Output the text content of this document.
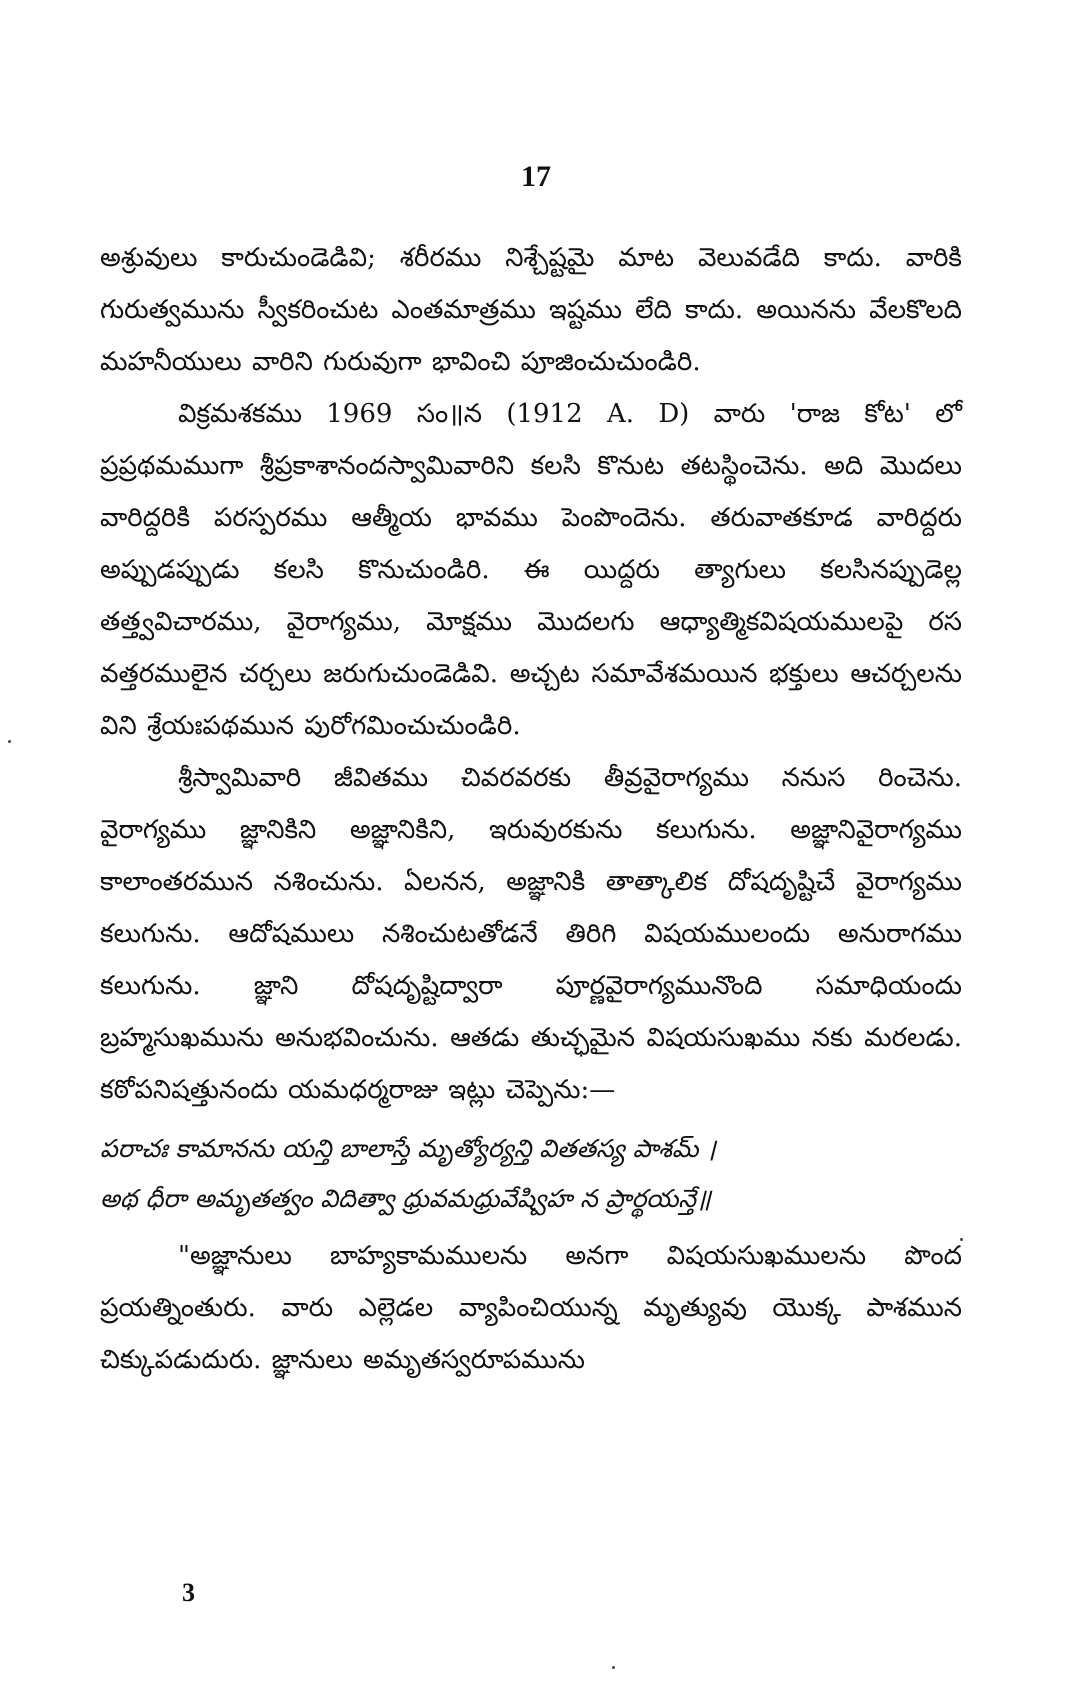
17

అశ్రువులు కారుచుండెడివి; శరీరము నిశ్చేష్టమై మాట వెలువడేది కాదు. వారికి గురుత్వమును స్వీకరించుట ఎంతమాత్రము ఇష్టము లేది కాదు. అయినను వేలకొలది మహనీయులు వారిని గురువుగా భావించి పూజించుచుండిరి.

విక్రమశకము 1969 సం॥న (1912 A. D) వారు 'రాజ కోట' లో ప్రప్రథమముగా శ్రీప్రకాశానందస్వామివారిని కలసి కొనుట తటస్థించెను. అది మొదలు వారిద్దరికి పరస్పరము ఆత్మీయ భావము పెంపొందెను. తరువాతకూడ వారిద్దరు అప్పుడప్పుడు కలసి కొనుచుండిరి. ఈ యిద్దరు త్యాగులు కలసినప్పుడెల్ల తత్త్వవిచారము, వైరాగ్యము, మోక్షము మొదలగు ఆధ్యాత్మికవిషయములపై రస వత్తరములైన చర్చలు జరుగుచుండెడివి. అచ్చట సమావేశమయిన భక్తులు ఆచర్చలను విని శ్రేయఃపథమున పురోగమించుచుండిరి.

శ్రీస్వామివారి జీవితము చివరవరకు తీవ్రవైరాగ్యము ననుస రించెను. వైరాగ్యము జ్ఞానికిని అజ్ఞానికిని, ఇరువురకును కలుగును. అజ్ఞానివైరాగ్యము కాలాంతరమున నశించును. ఏలనన, అజ్ఞానికి తాత్కాలిక దోషదృష్టిచే వైరాగ్యము కలుగును. ఆదోషములు నశించుటతోడనే తిరిగి విషయములందు అనురాగము కలుగును. జ్ఞాని దోషదృష్టిద్వారా పూర్ణవైరాగ్యమునొంది సమాధియందు బ్రహ్మసుఖమును అనుభవించును. ఆతడు తుచ్ఛమైన విషయసుఖము నకు మరలడు. కఠోపనిషత్తునందు యమధర్మరాజు ఇట్లు చెప్పెను:—

పరాచః కామానను యన్తి బాలాస్తే మృత్యోర్యన్తి వితతస్య పాశమ్ ।
అథ ధీరా అమృతత్వం విదిత్వా ధ్రువమధ్రువేష్విహ న ప్రార్థయన్తే॥

"అజ్ఞానులు బాహ్యకామములను అనగా విషయసుఖములను పొంద ప్రయత్నింతురు. వారు ఎల్లెడల వ్యాపించియున్న మృత్యువు యొక్క పాశమున చిక్కుపడుదురు. జ్ఞానులు అమృతస్వరూపమును

3
